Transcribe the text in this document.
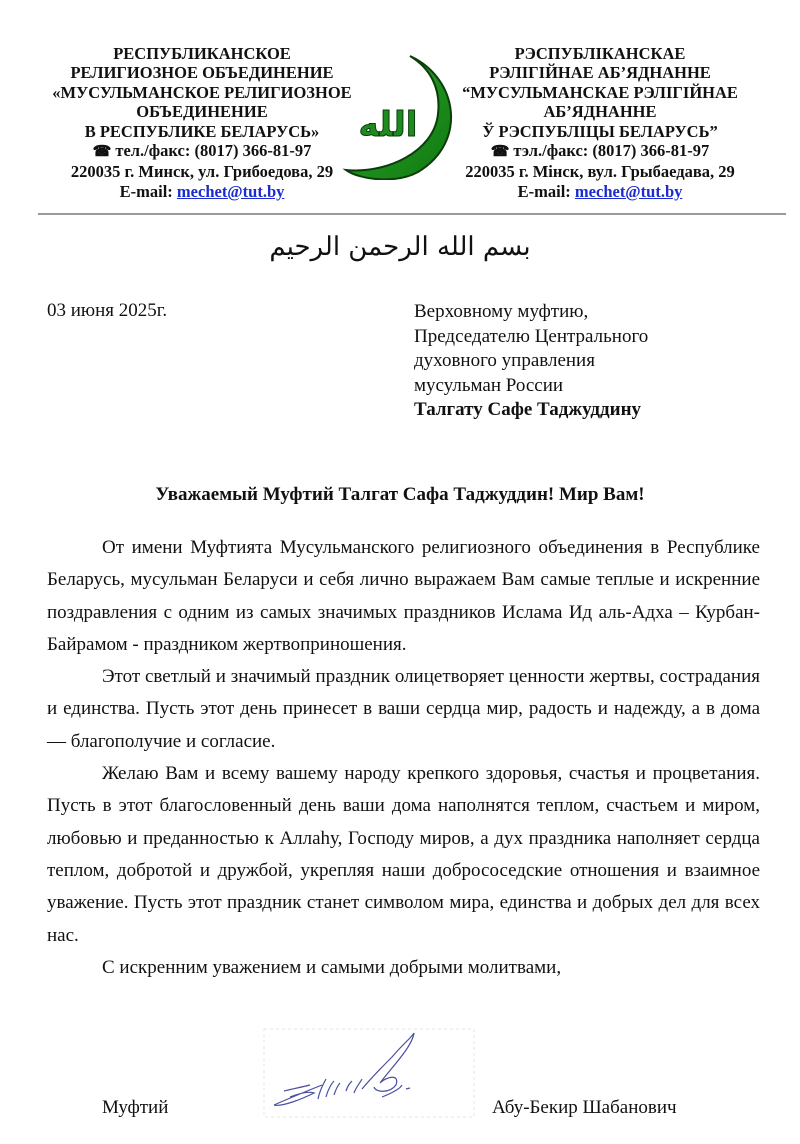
РЕСПУБЛИКАНСКОЕ
РЕЛИГИОЗНОЕ ОБЪЕДИНЕНИЕ
«МУСУЛЬМАНСКОЕ РЕЛИГИОЗНОЕ
ОБЪЕДИНЕНИЕ
В РЕСПУБЛИКЕ БЕЛАРУСЬ»
☎ тел./факс: (8017) 366-81-97
220035 г. Минск, ул. Грибоедова, 29
E-mail: mechet@tut.by
الله
РЭСПУБЛІКАНСКАЕ
РЭЛІГІЙНАЕ АБ’ЯДНАННЕ
“МУСУЛЬМАНСКАЕ РЭЛІГІЙНАЕ
АБ’ЯДНАННЕ
Ў РЭСПУБЛІЦЫ БЕЛАРУСЬ”
☎ тэл./факс: (8017) 366-81-97
220035 г. Мінск, вул. Грыбаедава, 29
E-mail: mechet@tut.by
بسم الله الرحمن الرحيم
03 июня 2025г.	Верховному муфтию,
Председателю Центрального
духовного управления
мусульман России
Талгату Сафе Таджуддину
Уважаемый Муфтий Талгат Сафа Таджуддин! Мир Вам!

От имени Муфтията Мусульманского религиозного объединения в Республике Беларусь, мусульман Беларуси и себя лично выражаем Вам самые теплые и искренние поздравления с одним из самых значимых праздников Ислама Ид аль-Адха – Курбан-Байрамом - праздником жертвоприношения.

Этот светлый и значимый праздник олицетворяет ценности жертвы, сострадания и единства. Пусть этот день принесет в ваши сердца мир, радость и надежду, а в дома — благополучие и согласие.

Желаю Вам и всему вашему народу крепкого здоровья, счастья и процветания. Пусть в этот благословенный день ваши дома наполнятся теплом, счастьем и миром, любовью и преданностью к Аллаһу, Господу миров, а дух праздника наполняет сердца теплом, добротой и дружбой, укрепляя наши добрососедские отношения и взаимное уважение. Пусть этот праздник станет символом мира, единства и добрых дел для всех нас.

С искренним уважением и самыми добрыми молитвами,

Муфтий	Абу-Бекир Шабанович
